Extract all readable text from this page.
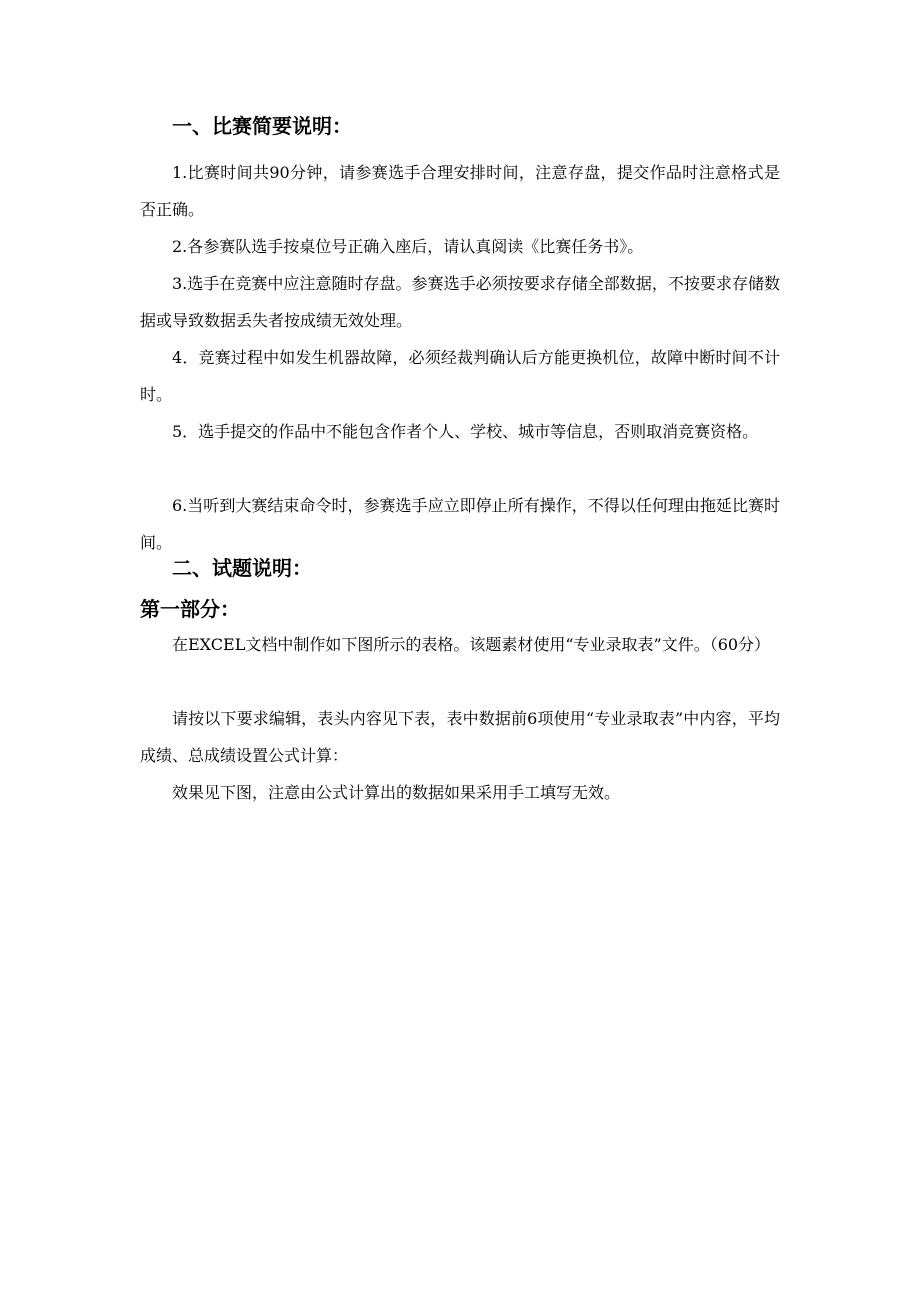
一、比赛简要说明：

1.比赛时间共90分钟，请参赛选手合理安排时间，注意存盘，提交作品时注意格式是否正确。

2.各参赛队选手按桌位号正确入座后，请认真阅读《比赛任务书》。

3.选手在竞赛中应注意随时存盘。参赛选手必须按要求存储全部数据，不按要求存储数据或导致数据丢失者按成绩无效处理。

4．竞赛过程中如发生机器故障，必须经裁判确认后方能更换机位，故障中断时间不计时。

5．选手提交的作品中不能包含作者个人、学校、城市等信息，否则取消竞赛资格。

6.当听到大赛结束命令时，参赛选手应立即停止所有操作，不得以任何理由拖延比赛时间。

二、试题说明：
第一部分：

在EXCEL文档中制作如下图所示的表格。该题素材使用“专业录取表”文件。（60分）

请按以下要求编辑，表头内容见下表，表中数据前6项使用“专业录取表”中内容，平均成绩、总成绩设置公式计算：

效果见下图，注意由公式计算出的数据如果采用手工填写无效。
